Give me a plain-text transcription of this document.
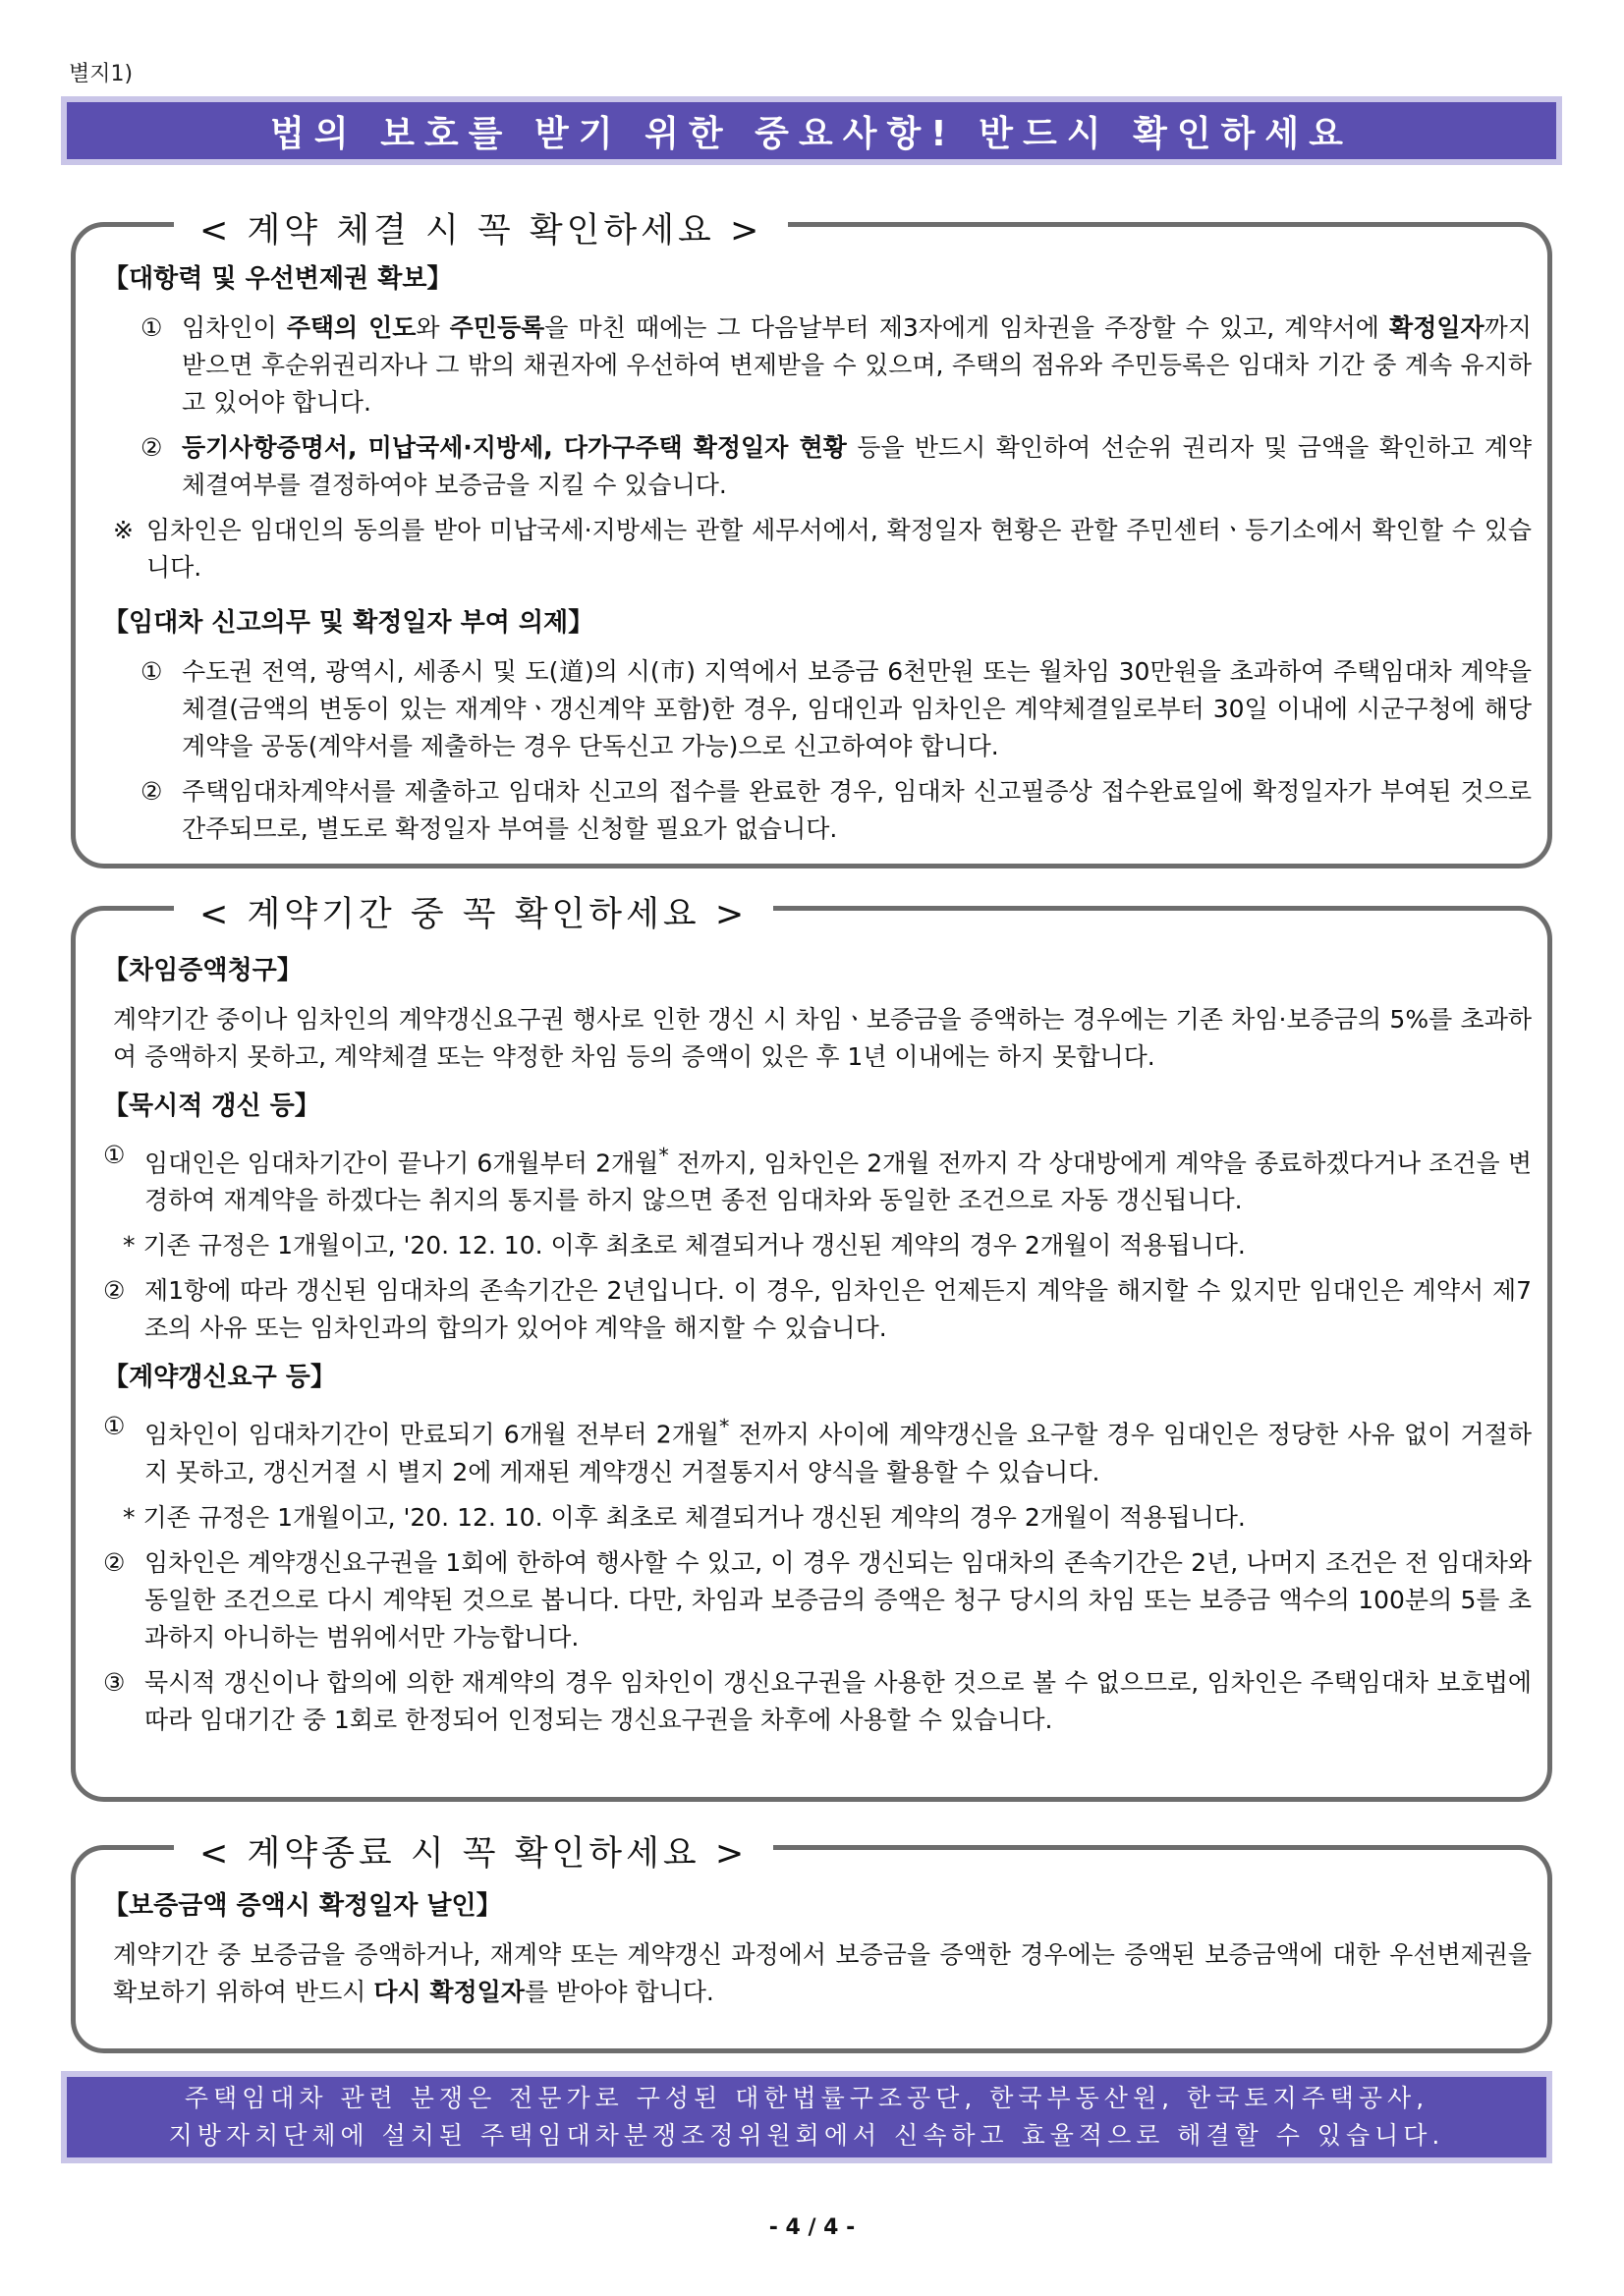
별지1)
법의 보호를 받기 위한 중요사항! 반드시 확인하세요
< 계약 체결 시 꼭 확인하세요 >

【대항력 및 우선변제권 확보】

① 임차인이 주택의 인도와 주민등록을 마친 때에는 그 다음날부터 제3자에게 임차권을 주장할 수 있고, 계약서에 확정일자까지 받으면 후순위권리자나 그 밖의 채권자에 우선하여 변제받을 수 있으며, 주택의 점유와 주민등록은 임대차 기간 중 계속 유지하고 있어야 합니다.
② 등기사항증명서, 미납국세·지방세, 다가구주택 확정일자 현황 등을 반드시 확인하여 선순위 권리자 및 금액을 확인하고 계약 체결여부를 결정하여야 보증금을 지킬 수 있습니다.
※ 임차인은 임대인의 동의를 받아 미납국세·지방세는 관할 세무서에서, 확정일자 현황은 관할 주민센터ㆍ등기소에서 확인할 수 있습니다.

【임대차 신고의무 및 확정일자 부여 의제】

① 수도권 전역, 광역시, 세종시 및 도(道)의 시(市) 지역에서 보증금 6천만원 또는 월차임 30만원을 초과하여 주택임대차 계약을 체결(금액의 변동이 있는 재계약ㆍ갱신계약 포함)한 경우, 임대인과 임차인은 계약체결일로부터 30일 이내에 시군구청에 해당 계약을 공동(계약서를 제출하는 경우 단독신고 가능)으로 신고하여야 합니다.
② 주택임대차계약서를 제출하고 임대차 신고의 접수를 완료한 경우, 임대차 신고필증상 접수완료일에 확정일자가 부여된 것으로 간주되므로, 별도로 확정일자 부여를 신청할 필요가 없습니다.
< 계약기간 중 꼭 확인하세요 >

【차임증액청구】

계약기간 중이나 임차인의 계약갱신요구권 행사로 인한 갱신 시 차임ㆍ보증금을 증액하는 경우에는 기존 차임·보증금의 5%를 초과하여 증액하지 못하고, 계약체결 또는 약정한 차임 등의 증액이 있은 후 1년 이내에는 하지 못합니다.

【묵시적 갱신 등】

① 임대인은 임대차기간이 끝나기 6개월부터 2개월* 전까지, 임차인은 2개월 전까지 각 상대방에게 계약을 종료하겠다거나 조건을 변경하여 재계약을 하겠다는 취지의 통지를 하지 않으면 종전 임대차와 동일한 조건으로 자동 갱신됩니다.

* 기존 규정은 1개월이고, '20. 12. 10. 이후 최초로 체결되거나 갱신된 계약의 경우 2개월이 적용됩니다.

② 제1항에 따라 갱신된 임대차의 존속기간은 2년입니다. 이 경우, 임차인은 언제든지 계약을 해지할 수 있지만 임대인은 계약서 제7조의 사유 또는 임차인과의 합의가 있어야 계약을 해지할 수 있습니다.

【계약갱신요구 등】

① 임차인이 임대차기간이 만료되기 6개월 전부터 2개월* 전까지 사이에 계약갱신을 요구할 경우 임대인은 정당한 사유 없이 거절하지 못하고, 갱신거절 시 별지 2에 게재된 계약갱신 거절통지서 양식을 활용할 수 있습니다.

* 기존 규정은 1개월이고, '20. 12. 10. 이후 최초로 체결되거나 갱신된 계약의 경우 2개월이 적용됩니다.

② 임차인은 계약갱신요구권을 1회에 한하여 행사할 수 있고, 이 경우 갱신되는 임대차의 존속기간은 2년, 나머지 조건은 전 임대차와 동일한 조건으로 다시 계약된 것으로 봅니다. 다만, 차임과 보증금의 증액은 청구 당시의 차임 또는 보증금 액수의 100분의 5를 초과하지 아니하는 범위에서만 가능합니다.
③ 묵시적 갱신이나 합의에 의한 재계약의 경우 임차인이 갱신요구권을 사용한 것으로 볼 수 없으므로, 임차인은 주택임대차 보호법에 따라 임대기간 중 1회로 한정되어 인정되는 갱신요구권을 차후에 사용할 수 있습니다.
< 계약종료 시 꼭 확인하세요 >

【보증금액 증액시 확정일자 날인】

계약기간 중 보증금을 증액하거나, 재계약 또는 계약갱신 과정에서 보증금을 증액한 경우에는 증액된 보증금액에 대한 우선변제권을 확보하기 위하여 반드시 다시 확정일자를 받아야 합니다.

주택임대차 관련 분쟁은 전문가로 구성된 대한법률구조공단, 한국부동산원, 한국토지주택공사,
지방자치단체에 설치된 주택임대차분쟁조정위원회에서 신속하고 효율적으로 해결할 수 있습니다.
- 4 / 4 -
